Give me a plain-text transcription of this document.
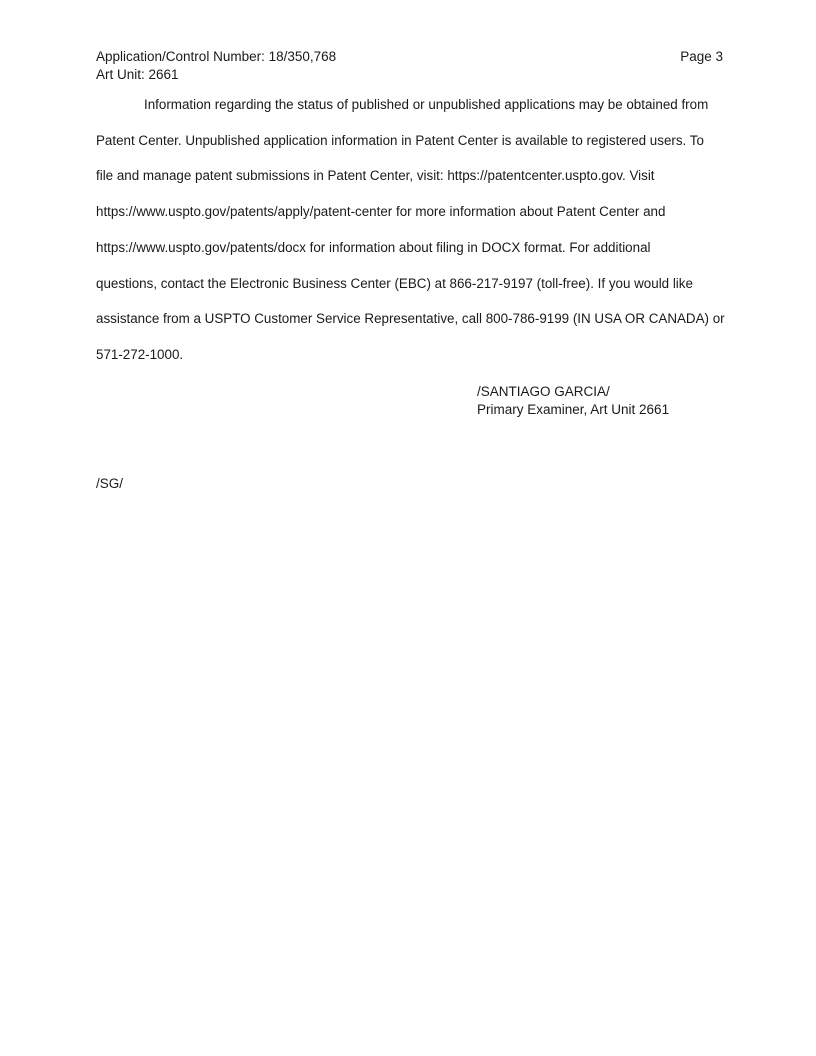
Application/Control Number: 18/350,768	Page 3
Art Unit: 2661
Information regarding the status of published or unpublished applications may be obtained from
Patent Center. Unpublished application information in Patent Center is available to registered users. To
file and manage patent submissions in Patent Center, visit: https://patentcenter.uspto.gov. Visit
https://www.uspto.gov/patents/apply/patent-center for more information about Patent Center and
https://www.uspto.gov/patents/docx for information about filing in DOCX format. For additional
questions, contact the Electronic Business Center (EBC) at 866-217-9197 (toll-free). If you would like
assistance from a USPTO Customer Service Representative, call 800-786-9199 (IN USA OR CANADA) or
571-272-1000.
/SANTIAGO GARCIA/
Primary Examiner, Art Unit 2661
/SG/
